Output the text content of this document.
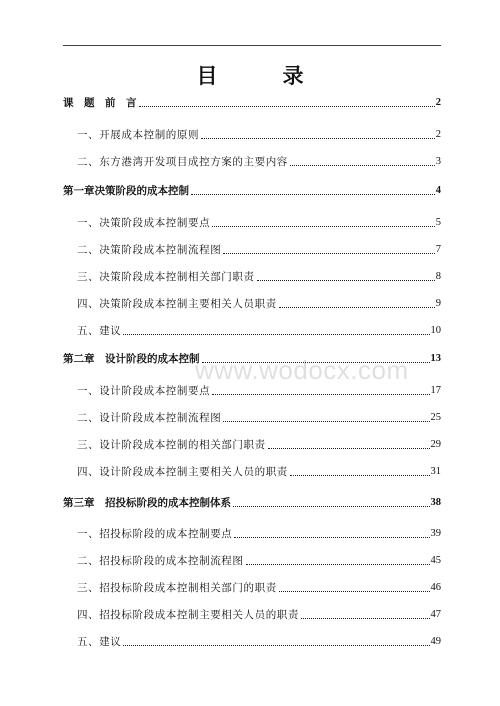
目　录
www.wodocx.com
课　题　前　言	2
一、开展成本控制的原则	2
二、东方港湾开发项目成控方案的主要内容	3
第一章决策阶段的成本控制	4
一、决策阶段成本控制要点	5
二、决策阶段成本控制流程图	7
三、决策阶段成本控制相关部门职责	8
四、决策阶段成本控制主要相关人员职责	9
五、建议	10
第二章　设计阶段的成本控制	13
一、设计阶段成本控制要点	17
二、设计阶段成本控制流程图	25
三、设计阶段成本控制的相关部门职责	29
四、设计阶段成本控制主要相关人员的职责	31
第三章　招投标阶段的成本控制体系	38
一、招投标阶段的成本控制要点	39
二、招投标阶段的成本控制流程图	45
三、招投标阶段成本控制相关部门的职责	46
四、招投标阶段成本控制主要相关人员的职责	47
五、建议	49
